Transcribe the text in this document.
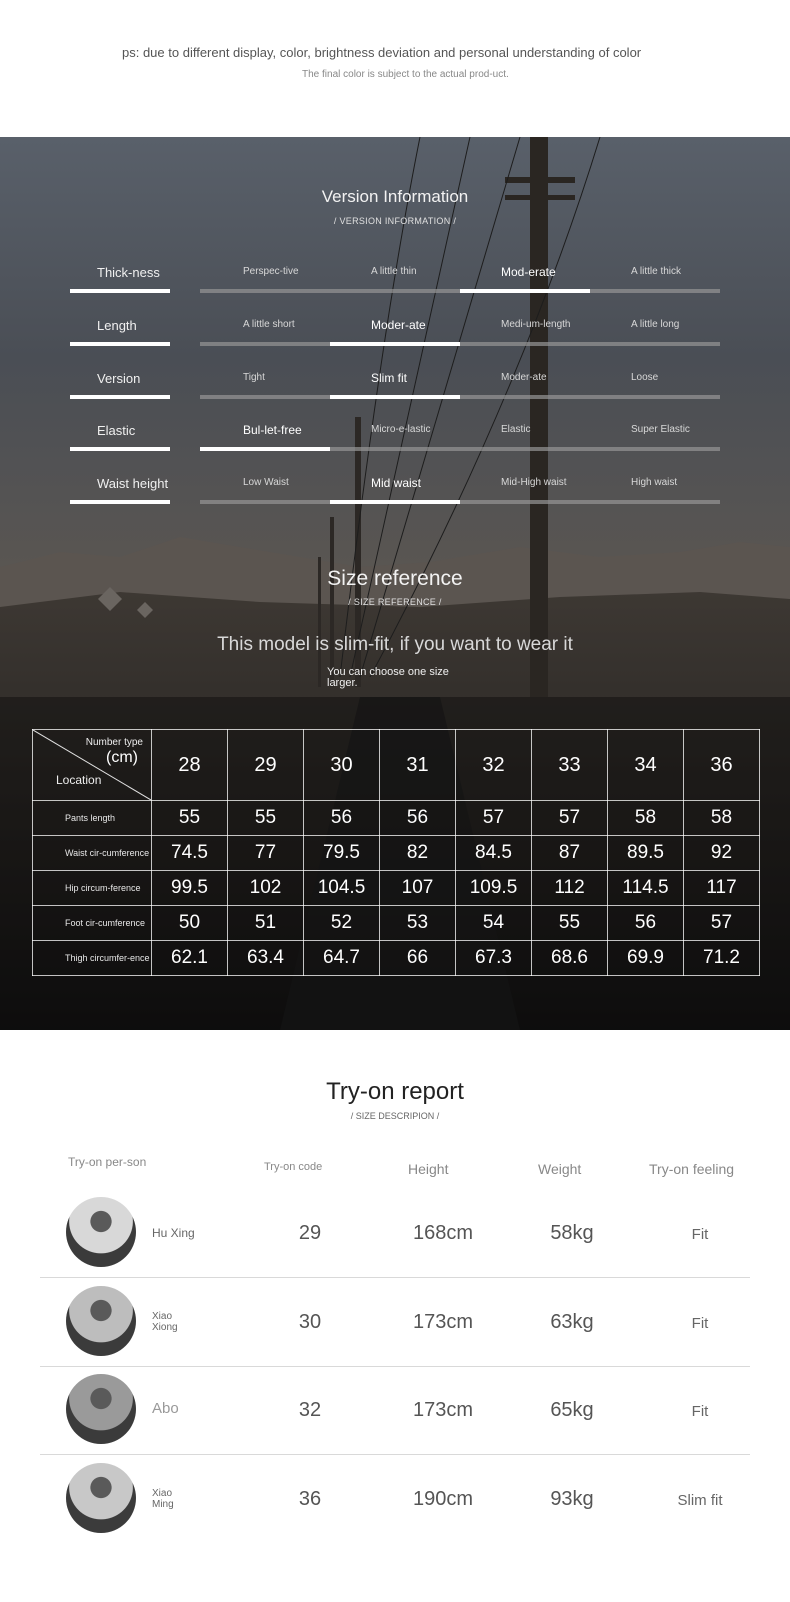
ps: due to different display, color, brightness deviation and personal understanding of color
The final color is subject to the actual prod-uct.
Version Information
/ VERSION INFORMATION /
Thick-ness	Perspec-tive	A little thin	Mod-erate	A little thick
Length	A little short	Moder-ate	Medi-um-length	A little long
Version	Tight	Slim fit	Moder-ate	Loose
Elastic	Bul-let-free	Micro-e-lastic	Elastic	Super Elastic
Waist height	Low Waist	Mid waist	Mid-High waist	High waist
Size reference
/ SIZE REFERENCE /
This model is slim-fit, if you want to wear it
You can choose one size larger.
Number type
(cm)
Location	28	29	30	31	32	33	34	36
Pants length	55	55	56	56	57	57	58	58
Waist cir-cumference	74.5	77	79.5	82	84.5	87	89.5	92
Hip circum-ference	99.5	102	104.5	107	109.5	112	114.5	117
Foot cir-cumference	50	51	52	53	54	55	56	57
Thigh circumfer-ence	62.1	63.4	64.7	66	67.3	68.6	69.9	71.2
Try-on report
/ SIZE DESCRIPION /
Try-on per-son	Try-on code	Height	Weight	Try-on feeling
Hu Xing	29	168cm	58kg	Fit
Xiao Xiong	30	173cm	63kg	Fit
Abo	32	173cm	65kg	Fit
Xiao Ming	36	190cm	93kg	Slim fit
